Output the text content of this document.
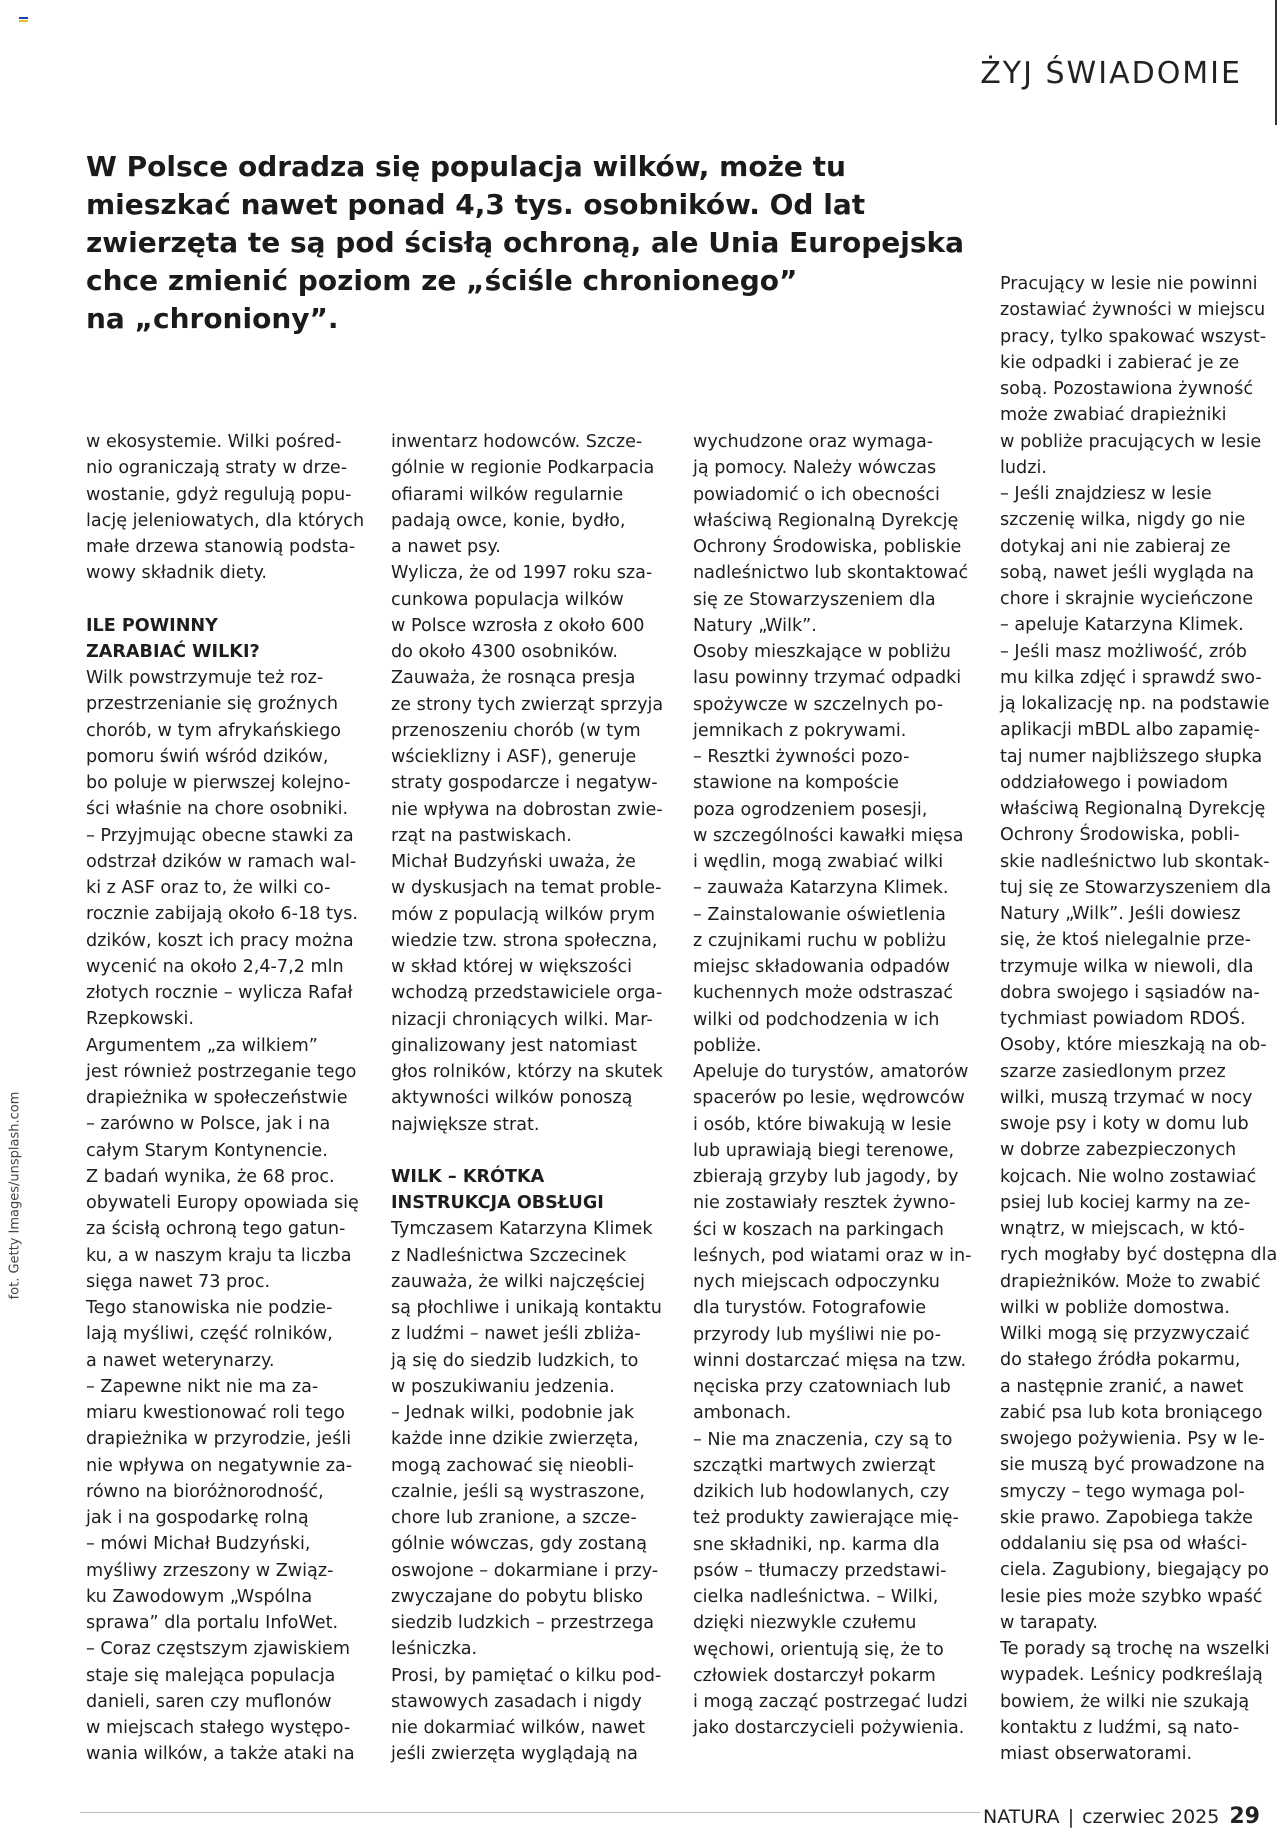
ŻYJ ŚWIADOMIE
W Polsce odradza się populacja wilków, może tu
mieszkać nawet ponad 4,3 tys. osobników. Od lat
zwierzęta te są pod ścisłą ochroną, ale Unia Europejska
chce zmienić poziom ze „ściśle chronionego”
na „chroniony”.
w ekosystemie. Wilki pośred-
nio ograniczają straty w drze-
wostanie, gdyż regulują popu-
lację jeleniowatych, dla których
małe drzewa stanowią podsta-
wowy składnik diety.
ILE POWINNY
ZARABIAĆ WILKI?
Wilk powstrzymuje też roz-
przestrzenianie się groźnych
chorób, w tym afrykańskiego
pomoru świń wśród dzików,
bo poluje w pierwszej kolejno-
ści właśnie na chore osobniki.
– Przyjmując obecne stawki za
odstrzał dzików w ramach wal-
ki z ASF oraz to, że wilki co-
rocznie zabijają około 6-18 tys.
dzików, koszt ich pracy można
wycenić na około 2,4-7,2 mln
złotych rocznie – wylicza Rafał
Rzepkowski.
Argumentem „za wilkiem”
jest również postrzeganie tego
drapieżnika w społeczeństwie
– zarówno w Polsce, jak i na
całym Starym Kontynencie.
Z badań wynika, że 68 proc.
obywateli Europy opowiada się
za ścisłą ochroną tego gatun-
ku, a w naszym kraju ta liczba
sięga nawet 73 proc.
Tego stanowiska nie podzie-
lają myśliwi, część rolników,
a nawet weterynarzy.
– Zapewne nikt nie ma za-
miaru kwestionować roli tego
drapieżnika w przyrodzie, jeśli
nie wpływa on negatywnie za-
równo na bioróżnorodność,
jak i na gospodarkę rolną
– mówi Michał Budzyński,
myśliwy zrzeszony w Związ-
ku Zawodowym „Wspólna
sprawa” dla portalu InfoWet.
– Coraz częstszym zjawiskiem
staje się malejąca populacja
danieli, saren czy muflonów
w miejscach stałego występo-
wania wilków, a także ataki na
inwentarz hodowców. Szcze-
gólnie w regionie Podkarpacia
ofiarami wilków regularnie
padają owce, konie, bydło,
a nawet psy.
Wylicza, że od 1997 roku sza-
cunkowa populacja wilków
w Polsce wzrosła z około 600
do około 4300 osobników.
Zauważa, że rosnąca presja
ze strony tych zwierząt sprzyja
przenoszeniu chorób (w tym
wścieklizny i ASF), generuje
straty gospodarcze i negatyw-
nie wpływa na dobrostan zwie-
rząt na pastwiskach.
Michał Budzyński uważa, że
w dyskusjach na temat proble-
mów z populacją wilków prym
wiedzie tzw. strona społeczna,
w skład której w większości
wchodzą przedstawiciele orga-
nizacji chroniących wilki. Mar-
ginalizowany jest natomiast
głos rolników, którzy na skutek
aktywności wilków ponoszą
największe strat.
WILK – KRÓTKA
INSTRUKCJA OBSŁUGI
Tymczasem Katarzyna Klimek
z Nadleśnictwa Szczecinek
zauważa, że wilki najczęściej
są płochliwe i unikają kontaktu
z ludźmi – nawet jeśli zbliża-
ją się do siedzib ludzkich, to
w poszukiwaniu jedzenia.
– Jednak wilki, podobnie jak
każde inne dzikie zwierzęta,
mogą zachować się nieobli-
czalnie, jeśli są wystraszone,
chore lub zranione, a szcze-
gólnie wówczas, gdy zostaną
oswojone – dokarmiane i przy-
zwyczajane do pobytu blisko
siedzib ludzkich – przestrzega
leśniczka.
Prosi, by pamiętać o kilku pod-
stawowych zasadach i nigdy
nie dokarmiać wilków, nawet
jeśli zwierzęta wyglądają na
wychudzone oraz wymaga-
ją pomocy. Należy wówczas
powiadomić o ich obecności
właściwą Regionalną Dyrekcję
Ochrony Środowiska, pobliskie
nadleśnictwo lub skontaktować
się ze Stowarzyszeniem dla
Natury „Wilk”.
Osoby mieszkające w pobliżu
lasu powinny trzymać odpadki
spożywcze w szczelnych po-
jemnikach z pokrywami.
– Resztki żywności pozo-
stawione na kompoście
poza ogrodzeniem posesji,
w szczególności kawałki mięsa
i wędlin, mogą zwabiać wilki
– zauważa Katarzyna Klimek.
– Zainstalowanie oświetlenia
z czujnikami ruchu w pobliżu
miejsc składowania odpadów
kuchennych może odstraszać
wilki od podchodzenia w ich
pobliże.
Apeluje do turystów, amatorów
spacerów po lesie, wędrowców
i osób, które biwakują w lesie
lub uprawiają biegi terenowe,
zbierają grzyby lub jagody, by
nie zostawiały resztek żywno-
ści w koszach na parkingach
leśnych, pod wiatami oraz w in-
nych miejscach odpoczynku
dla turystów. Fotografowie
przyrody lub myśliwi nie po-
winni dostarczać mięsa na tzw.
nęciska przy czatowniach lub
ambonach.
– Nie ma znaczenia, czy są to
szczątki martwych zwierząt
dzikich lub hodowlanych, czy
też produkty zawierające mię-
sne składniki, np. karma dla
psów – tłumaczy przedstawi-
cielka nadleśnictwa. – Wilki,
dzięki niezwykle czułemu
węchowi, orientują się, że to
człowiek dostarczył pokarm
i mogą zacząć postrzegać ludzi
jako dostarczycieli pożywienia.
Pracujący w lesie nie powinni
zostawiać żywności w miejscu
pracy, tylko spakować wszyst-
kie odpadki i zabierać je ze
sobą. Pozostawiona żywność
może zwabiać drapieżniki
w pobliże pracujących w lesie
ludzi.
– Jeśli znajdziesz w lesie
szczenię wilka, nigdy go nie
dotykaj ani nie zabieraj ze
sobą, nawet jeśli wygląda na
chore i skrajnie wycieńczone
– apeluje Katarzyna Klimek.
– Jeśli masz możliwość, zrób
mu kilka zdjęć i sprawdź swo-
ją lokalizację np. na podstawie
aplikacji mBDL albo zapamię-
taj numer najbliższego słupka
oddziałowego i powiadom
właściwą Regionalną Dyrekcję
Ochrony Środowiska, pobli-
skie nadleśnictwo lub skontak-
tuj się ze Stowarzyszeniem dla
Natury „Wilk”. Jeśli dowiesz
się, że ktoś nielegalnie prze-
trzymuje wilka w niewoli, dla
dobra swojego i sąsiadów na-
tychmiast powiadom RDOŚ.
Osoby, które mieszkają na ob-
szarze zasiedlonym przez
wilki, muszą trzymać w nocy
swoje psy i koty w domu lub
w dobrze zabezpieczonych
kojcach. Nie wolno zostawiać
psiej lub kociej karmy na ze-
wnątrz, w miejscach, w któ-
rych mogłaby być dostępna dla
drapieżników. Może to zwabić
wilki w pobliże domostwa.
Wilki mogą się przyzwyczaić
do stałego źródła pokarmu,
a następnie zranić, a nawet
zabić psa lub kota broniącego
swojego pożywienia. Psy w le-
sie muszą być prowadzone na
smyczy – tego wymaga pol-
skie prawo. Zapobiega także
oddalaniu się psa od właści-
ciela. Zagubiony, biegający po
lesie pies może szybko wpaść
w tarapaty.
Te porady są trochę na wszelki
wypadek. Leśnicy podkreślają
bowiem, że wilki nie szukają
kontaktu z ludźmi, są nato-
miast obserwatorami.
fot. Getty Images/unsplash.com
NATURA | czerwiec 2025 29
